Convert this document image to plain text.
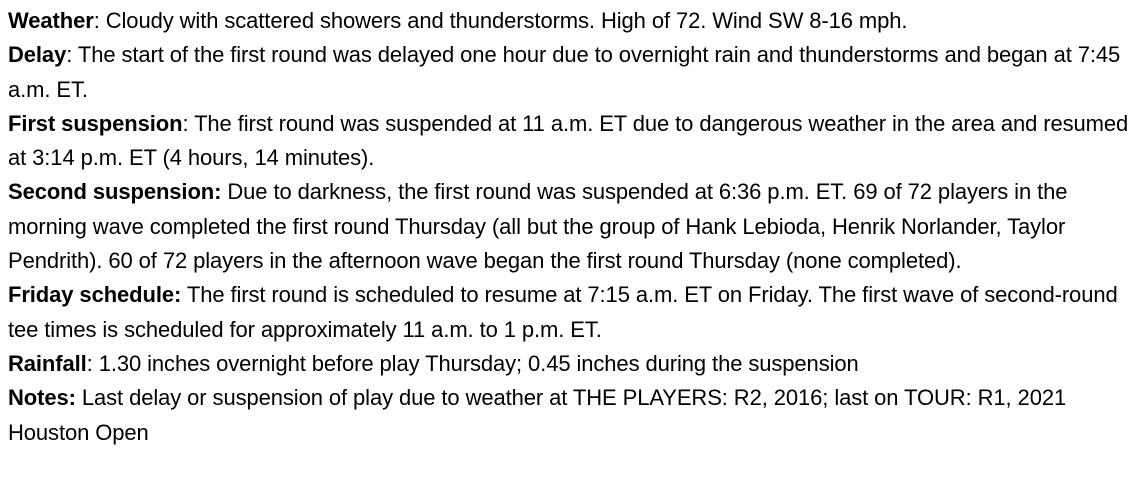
Weather: Cloudy with scattered showers and thunderstorms. High of 72. Wind SW 8-16 mph.

Delay: The start of the first round was delayed one hour due to overnight rain and thunderstorms and began at 7:45 a.m. ET.

First suspension: The first round was suspended at 11 a.m. ET due to dangerous weather in the area and resumed at 3:14 p.m. ET (4 hours, 14 minutes).

Second suspension: Due to darkness, the first round was suspended at 6:36 p.m. ET. 69 of 72 players in the morning wave completed the first round Thursday (all but the group of Hank Lebioda, Henrik Norlander, Taylor Pendrith). 60 of 72 players in the afternoon wave began the first round Thursday (none completed).

Friday schedule: The first round is scheduled to resume at 7:15 a.m. ET on Friday. The first wave of second-round tee times is scheduled for approximately 11 a.m. to 1 p.m. ET.

Rainfall: 1.30 inches overnight before play Thursday; 0.45 inches during the suspension

Notes: Last delay or suspension of play due to weather at THE PLAYERS: R2, 2016; last on TOUR: R1, 2021 Houston Open
